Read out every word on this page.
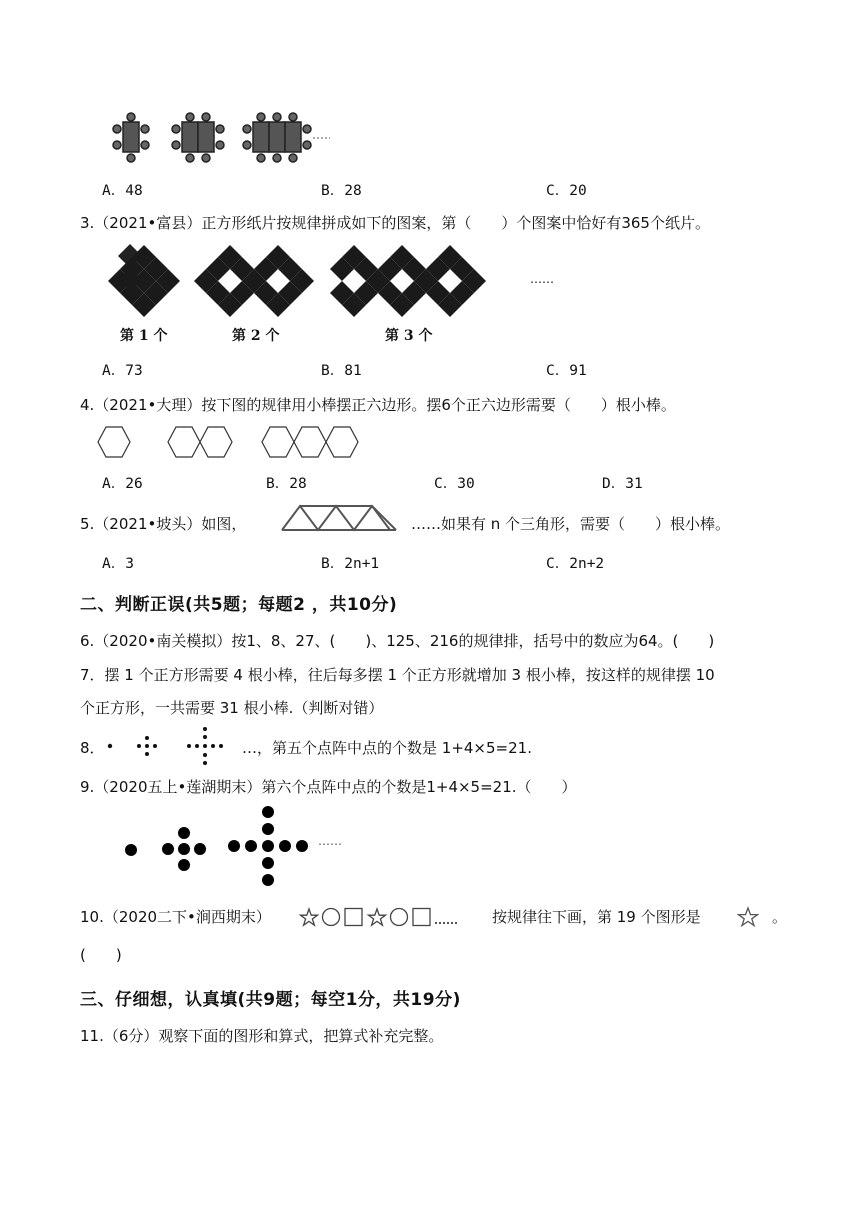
A．48	B．28	C．20
3.（2021•富县）正方形纸片按规律拼成如下的图案，第（　　）个图案中恰好有365个纸片。
……
第 1 个	第 2 个	第 3 个
A．73	B．81	C．91
4.（2021•大理）按下图的规律用小棒摆正六边形。摆6个正六边形需要（　　）根小棒。
A．26	B．28	C．30	D．31
5.（2021•坡头）如图，	……如果有 n 个三角形，需要（　　）根小棒。
A．3	B．2n+1	C．2n+2
二、判断正误(共5题；每题2 ，共10分)
6.（2020•南关模拟）按1、8、27、(　　)、125、216的规律排，括号中的数应为64。(　　)
7．摆 1 个正方形需要 4 根小棒，往后每多摆 1 个正方形就增加 3 根小棒，按这样的规律摆 10
个正方形，一共需要 31 根小棒.（判断对错）
8．	…，第五个点阵中点的个数是 1+4×5=21.
9.（2020五上•莲湖期末）第六个点阵中点的个数是1+4×5=21.（　　）
……
10.（2020二下•涧西期末）	按规律往下画，第 19 个图形是	。
(　　)
三、仔细想，认真填(共9题；每空1分，共19分)
11.（6分）观察下面的图形和算式，把算式补充完整。
